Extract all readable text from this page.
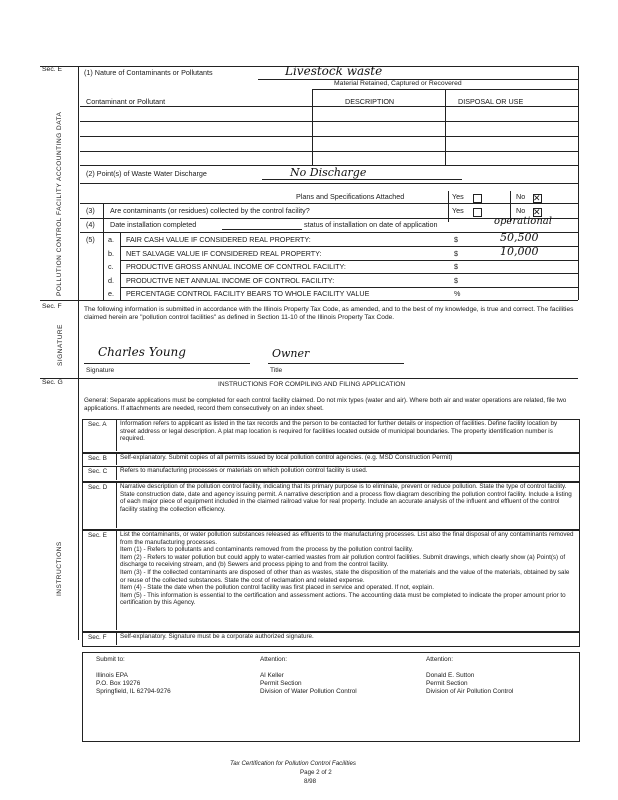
Sec. E
POLLUTION CONTROL FACILITY ACCOUNTING DATA
(1) Nature of Contaminants or Pollutants	Livestock waste
Material Retained, Captured or Recovered
Contaminant or Pollutant	DESCRIPTION	DISPOSAL OR USE
(2) Point(s) of Waste Water Discharge	No Discharge
Plans and Specifications Attached	Yes	No
✕
(3) Are contaminants (or residues) collected by the control facility?	Yes	No
✕
(4) Date installation completed	status of installation on date of application	operational
(5) a. FAIR CASH VALUE IF CONSIDERED REAL PROPERTY:	$	50,500
b. NET SALVAGE VALUE IF CONSIDERED REAL PROPERTY:	$	10,000
c. PRODUCTIVE GROSS ANNUAL INCOME OF CONTROL FACILITY:	$
d. PRODUCTIVE NET ANNUAL INCOME OF CONTROL FACILITY:	$
e. PERCENTAGE CONTROL FACILITY BEARS TO WHOLE FACILITY VALUE	%
Sec. F
SIGNATURE
The following information is submitted in accordance with the Illinois Property Tax Code, as amended, and to the best of my knowledge, is true and correct. The facilities claimed herein are "pollution control facilities" as defined in Section 11-10 of the Illinois Property Tax Code.
Charles Young	Owner
Signature	Title
Sec. G
INSTRUCTIONS
INSTRUCTIONS FOR COMPILING AND FILING APPLICATION
General: Separate applications must be completed for each control facility claimed. Do not mix types (water and air). Where both air and water operations are related, file two applications. If attachments are needed, record them consecutively on an index sheet.
Sec. A Information refers to applicant as listed in the tax records and the person to be contacted for further details or inspection of facilities. Define facility location by street address or legal description. A plat map location is required for facilities located outside of municipal boundaries. The property identification number is required.
Sec. B Self-explanatory. Submit copies of all permits issued by local pollution control agencies. (e.g. MSD Construction Permit)
Sec. C Refers to manufacturing processes or materials on which pollution control facility is used.
Sec. D Narrative description of the pollution control facility, indicating that its primary purpose is to eliminate, prevent or reduce pollution. State the type of control facility. State construction date, date and agency issuing permit. A narrative description and a process flow diagram describing the pollution control facility. Include a listing of each major piece of equipment included in the claimed railroad value for real property. Include an accurate analysis of the influent and effluent of the control facility stating the collection efficiency.
Sec. E List the contaminants, or water pollution substances released as effluents to the manufacturing processes. List also the final disposal of any contaminants removed from the manufacturing processes.
Item (1) - Refers to pollutants and contaminants removed from the process by the pollution control facility.
Item (2) - Refers to water pollution but could apply to water-carried wastes from air pollution control facilities. Submit drawings, which clearly show (a) Point(s) of discharge to receiving stream, and (b) Sewers and process piping to and from the control facility.
Item (3) - If the collected contaminants are disposed of other than as wastes, state the disposition of the materials and the value of the materials, obtained by sale or reuse of the collected substances. State the cost of reclamation and related expense.
Item (4) - State the date when the pollution control facility was first placed in service and operated. If not, explain.
Item (5) - This information is essential to the certification and assessment actions. The accounting data must be completed to indicate the proper amount prior to certification by this Agency.
Sec. F Self-explanatory. Signature must be a corporate authorized signature.
Submit to:
Illinois EPA
P.O. Box 19276
Springfield, IL 62794-9276
Attention:
Al Keller
Permit Section
Division of Water Pollution Control
Attention:
Donald E. Sutton
Permit Section
Division of Air Pollution Control
Tax Certification for Pollution Control Facilities
Page 2 of 2
8/98
